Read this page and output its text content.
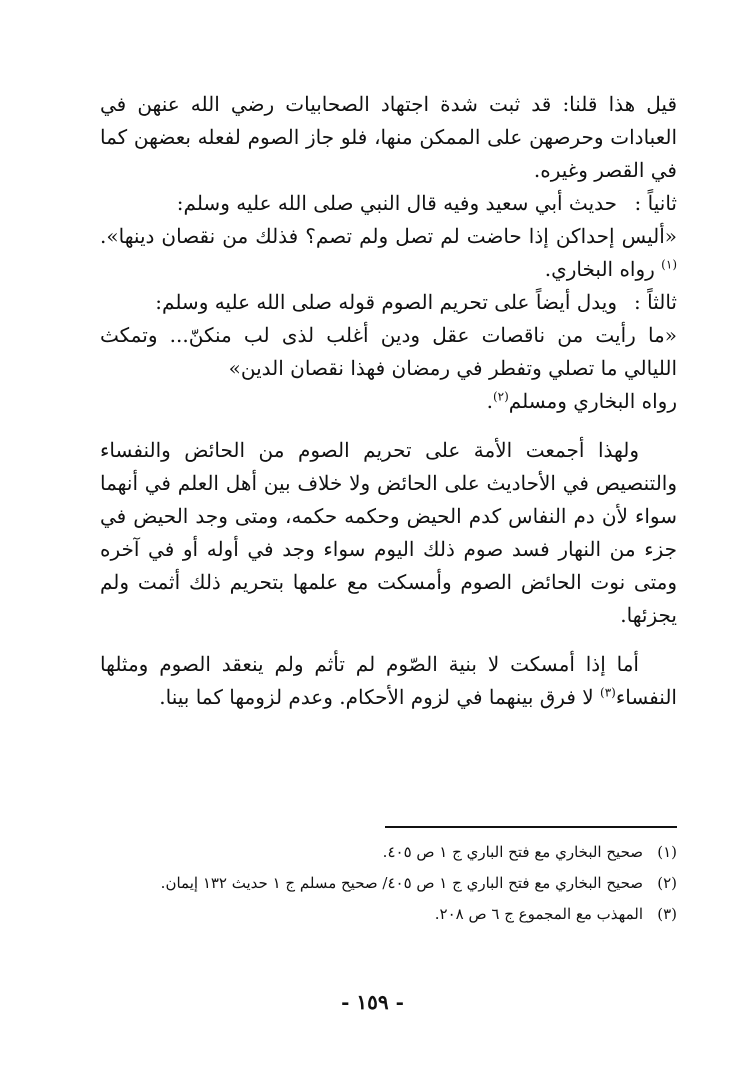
قيل هذا قلنا: قد ثبت شدة اجتهاد الصحابيات رضي الله عنهن في العبادات وحرصهن على الممكن منها، فلو جاز الصوم لفعله بعضهن كما في القصر وغيره.

ثانياً :
حديث أبي سعيد وفيه قال النبي صلى الله عليه وسلم:
«أليس إحداكن إذا حاضت لم تصل ولم تصم؟ فذلك من نقصان دينها». $^{(١)}$ رواه البخاري.
ثالثاً :
ويدل أيضاً على تحريم الصوم قوله صلى الله عليه وسلم:
«ما رأيت من ناقصات عقل ودين أغلب لذى لب منكنّ... وتمكث الليالي ما تصلي وتفطر في رمضان فهذا نقصان الدين»
رواه البخاري ومسلم$^{(٢)}$.

ولهذا أجمعت الأمة على تحريم الصوم من الحائض والنفساء والتنصيص في الأحاديث على الحائض ولا خلاف بين أهل العلم في أنهما سواء لأن دم النفاس كدم الحيض وحكمه حكمه، ومتى وجد الحيض في جزء من النهار فسد صوم ذلك اليوم سواء وجد في أوله أو في آخره ومتى نوت الحائض الصوم وأمسكت مع علمها بتحريم ذلك أثمت ولم يجزئها.

أما إذا أمسكت لا بنية الصّوم لم تأثم ولم ينعقد الصوم ومثلها النفساء$^{(٣)}$ لا فرق بينهما في لزوم الأحكام. وعدم لزومها كما بينا.

(١)
صحيح البخاري مع فتح الباري ج ١ ص ٤٠٥.
(٢)
صحيح البخاري مع فتح الباري ج ١ ص ٤٠٥/ صحيح مسلم ج ١ حديث ١٣٢ إيمان.
(٣)
المهذب مع المجموع ج ٦ ص ٢٠٨.
- ١٥٩ -
